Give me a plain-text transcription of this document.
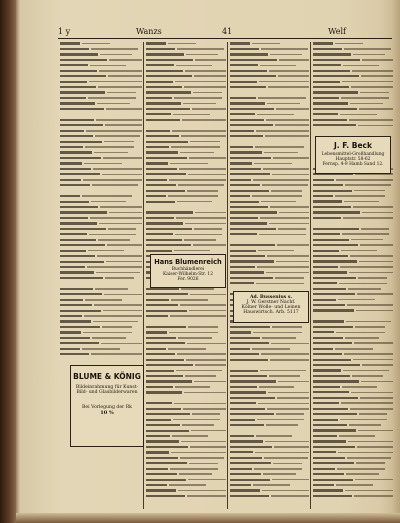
1 y	Wanzs	41	Welf

BLUME & KÖNIG
Bildeinrahmung für Kunst-
Bild- und Glasbilderwaren
Bei Vorlegung der Rk
10 %
Hans Blumenreich
Buchhändlerei
Kaiser-Wilhelm-Str. 12
Fer. 9026
Ad. Bussenius s.
J. W. Gerstner Nachf.
Kölner Wolle- und Leinen
Hauswirtsch. Arb. 5117
J. F. Beck
Lebensmittel-Großhandlung
Hauptstr. 58-62
Fernsp. 4-9 Hamb Sand 12.
